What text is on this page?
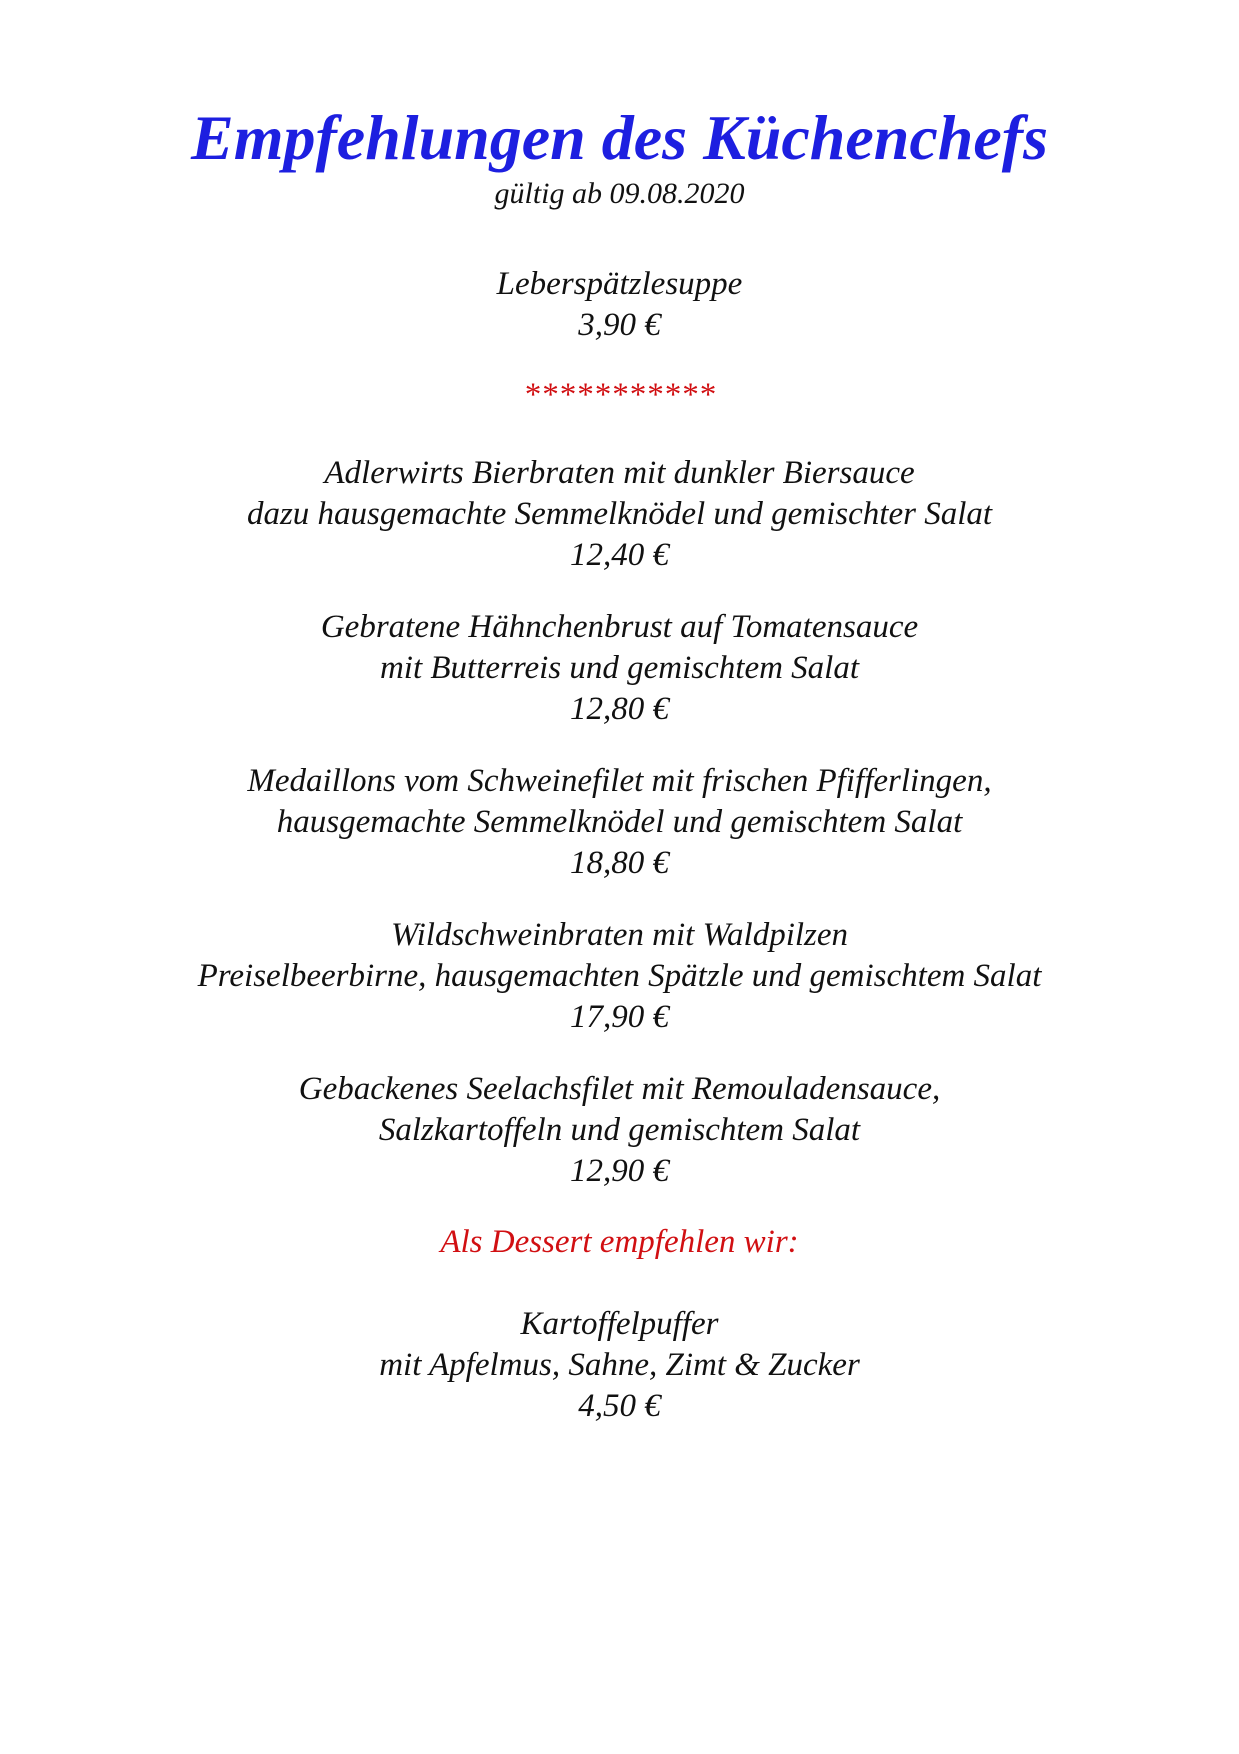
Empfehlungen des Küchenchefs
gültig ab 09.08.2020
Leberspätzlesuppe
3,90 €
***********
Adlerwirts Bierbraten mit dunkler Biersauce
dazu hausgemachte Semmelknödel und gemischter Salat
12,40 €
Gebratene Hähnchenbrust auf Tomatensauce
mit Butterreis und gemischtem Salat
12,80 €
Medaillons vom Schweinefilet mit frischen Pfifferlingen,
hausgemachte Semmelknödel und gemischtem Salat
18,80 €
Wildschweinbraten mit Waldpilzen
Preiselbeerbirne, hausgemachten Spätzle und gemischtem Salat
17,90 €
Gebackenes Seelachsfilet mit Remouladensauce,
Salzkartoffeln und gemischtem Salat
12,90 €
Als Dessert empfehlen wir:
Kartoffelpuffer
mit Apfelmus, Sahne, Zimt & Zucker
4,50 €
